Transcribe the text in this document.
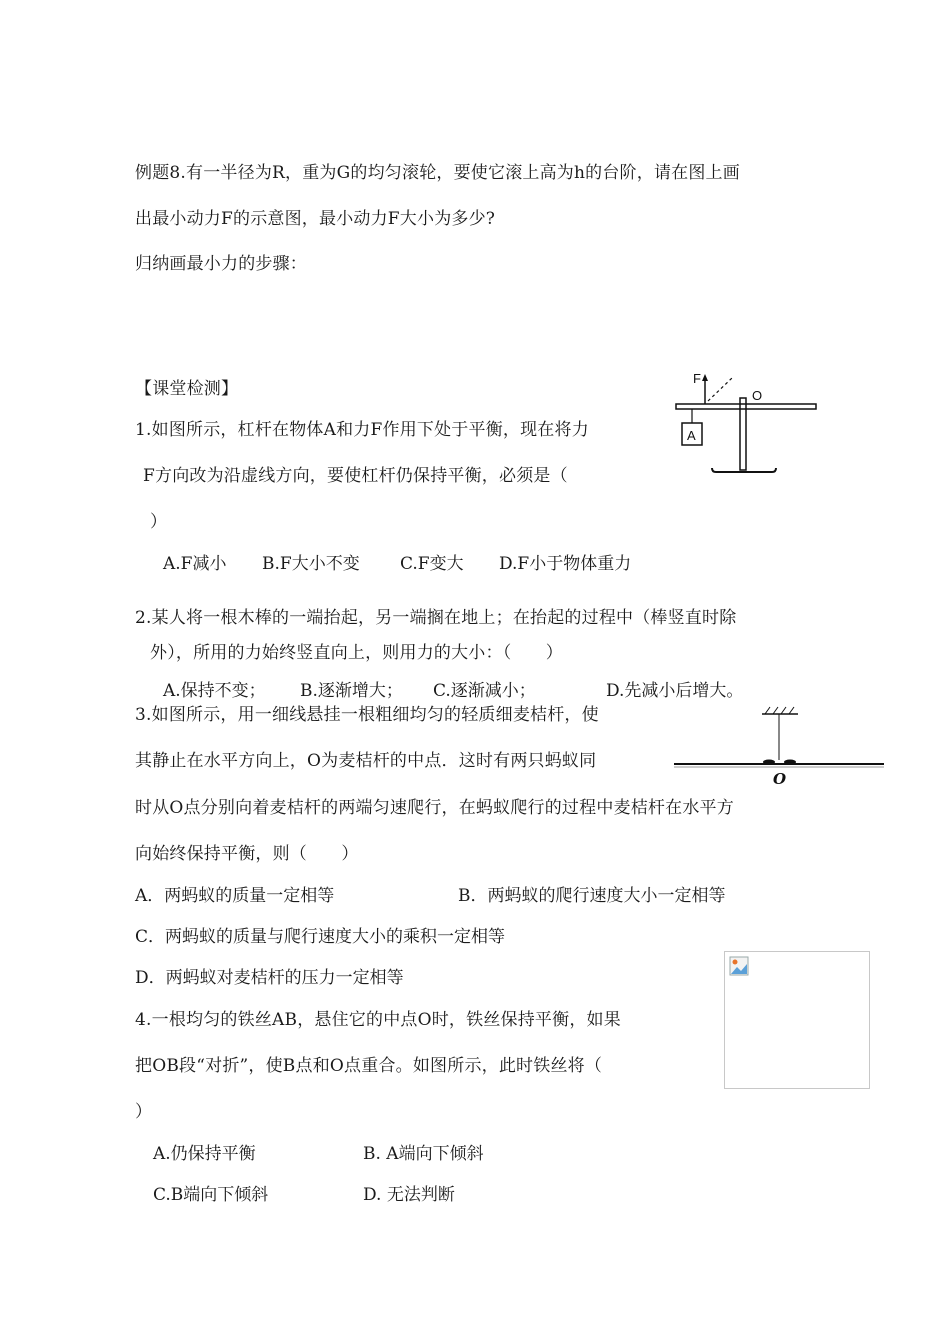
例题8.有一半径为R，重为G的均匀滚轮，要使它滚上高为h的台阶，请在图上画
出最小动力F的示意图，最小动力F大小为多少?
归纳画最小力的步骤：
【课堂检测】
A
F
O
1.如图所示，杠杆在物体A和力F作用下处于平衡，现在将力
F方向改为沿虚线方向，要使杠杆仍保持平衡，必须是（
）
A.F减小 B.F大小不变 C.F变大 D.F小于物体重力
2.某人将一根木棒的一端抬起，另一端搁在地上；在抬起的过程中（棒竖直时除
外），所用的力始终竖直向上，则用力的大小：（　　）
A.保持不变； B.逐渐增大； C.逐渐减小；	D.先减小后增大。
O
3.如图所示，用一细线悬挂一根粗细均匀的轻质细麦桔杆，使
其静止在水平方向上，O为麦桔杆的中点．这时有两只蚂蚁同
时从O点分别向着麦桔杆的两端匀速爬行，在蚂蚁爬行的过程中麦桔杆在水平方
向始终保持平衡，则（　　）
A．两蚂蚁的质量一定相等	B．两蚂蚁的爬行速度大小一定相等
C．两蚂蚁的质量与爬行速度大小的乘积一定相等
D．两蚂蚁对麦桔杆的压力一定相等
4.一根均匀的铁丝AB，悬住它的中点O时，铁丝保持平衡，如果
把OB段“对折”，使B点和O点重合。如图所示，此时铁丝将（
）
A.仍保持平衡	B. A端向下倾斜
C.B端向下倾斜	D. 无法判断
